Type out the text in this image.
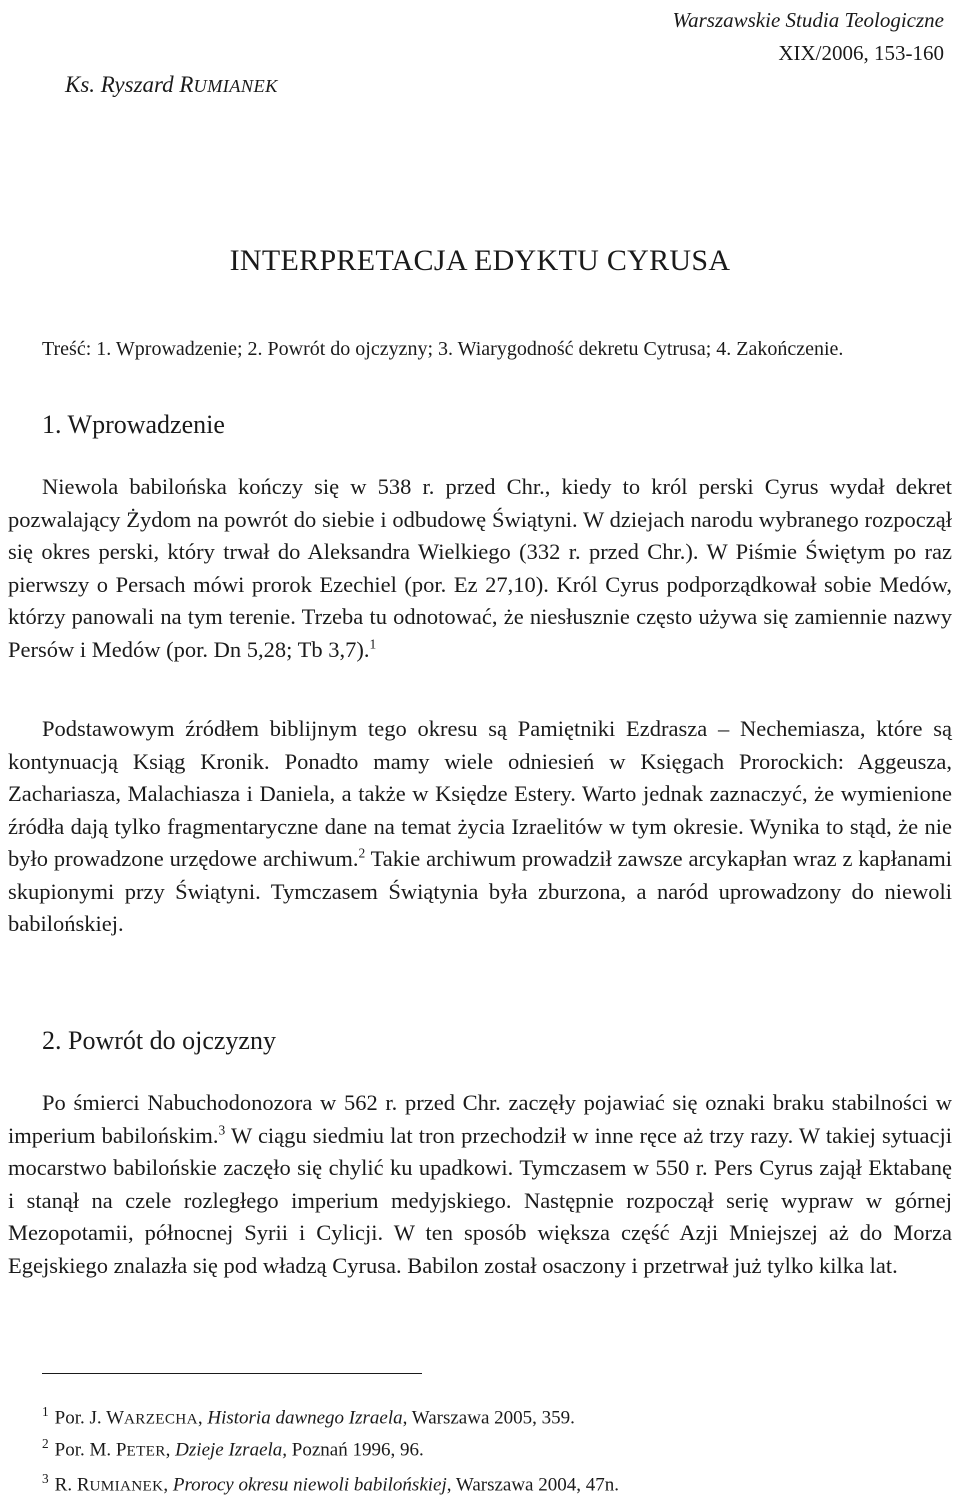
Warszawskie Studia Teologiczne
XIX/2006, 153-160
Ks. Ryszard RUMIANEK
INTERPRETACJA EDYKTU CYRUSA
Treść: 1. Wprowadzenie; 2. Powrót do ojczyzny; 3. Wiarygodność dekretu Cytrusa; 4. Zakończenie.
1. Wprowadzenie
Niewola babilońska kończy się w 538 r. przed Chr., kiedy to król perski Cyrus wydał dekret pozwalający Żydom na powrót do siebie i odbudowę Świątyni. W dziejach narodu wybranego rozpoczął się okres perski, który trwał do Aleksandra Wielkiego (332 r. przed Chr.). W Piśmie Świętym po raz pierwszy o Persach mówi prorok Ezechiel (por. Ez 27,10). Król Cyrus podporządkował sobie Medów, którzy panowali na tym terenie. Trzeba tu odnotować, że niesłusznie często używa się zamiennie nazwy Persów i Medów (por. Dn 5,28; Tb 3,7).$^1$
Podstawowym źródłem biblijnym tego okresu są Pamiętniki Ezdrasza – Nechemiasza, które są kontynuacją Ksiąg Kronik. Ponadto mamy wiele odniesień w Księgach Prorockich: Aggeusza, Zachariasza, Malachiasza i Daniela, a także w Księdze Estery. Warto jednak zaznaczyć, że wymienione źródła dają tylko fragmentaryczne dane na temat życia Izraelitów w tym okresie. Wynika to stąd, że nie było prowadzone urzędowe archiwum.$^2$ Takie archiwum prowadził zawsze arcykapłan wraz z kapłanami skupionymi przy Świątyni. Tymczasem Świątynia była zburzona, a naród uprowadzony do niewoli babilońskiej.
2. Powrót do ojczyzny
Po śmierci Nabuchodonozora w 562 r. przed Chr. zaczęły pojawiać się oznaki braku stabilności w imperium babilońskim.$^3$ W ciągu siedmiu lat tron przechodził w inne ręce aż trzy razy. W takiej sytuacji mocarstwo babilońskie zaczęło się chylić ku upadkowi. Tymczasem w 550 r. Pers Cyrus zajął Ektabanę i stanął na czele rozległego imperium medyjskiego. Następnie rozpoczął serię wypraw w górnej Mezopotamii, północnej Syrii i Cylicji. W ten sposób większa część Azji Mniejszej aż do Morza Egejskiego znalazła się pod władzą Cyrusa. Babilon został osaczony i przetrwał już tylko kilka lat.
$^1$ Por. J. WARZECHA, Historia dawnego Izraela, Warszawa 2005, 359.
$^2$ Por. M. PETER, Dzieje Izraela, Poznań 1996, 96.
$^3$ R. RUMIANEK, Prorocy okresu niewoli babilońskiej, Warszawa 2004, 47n.
